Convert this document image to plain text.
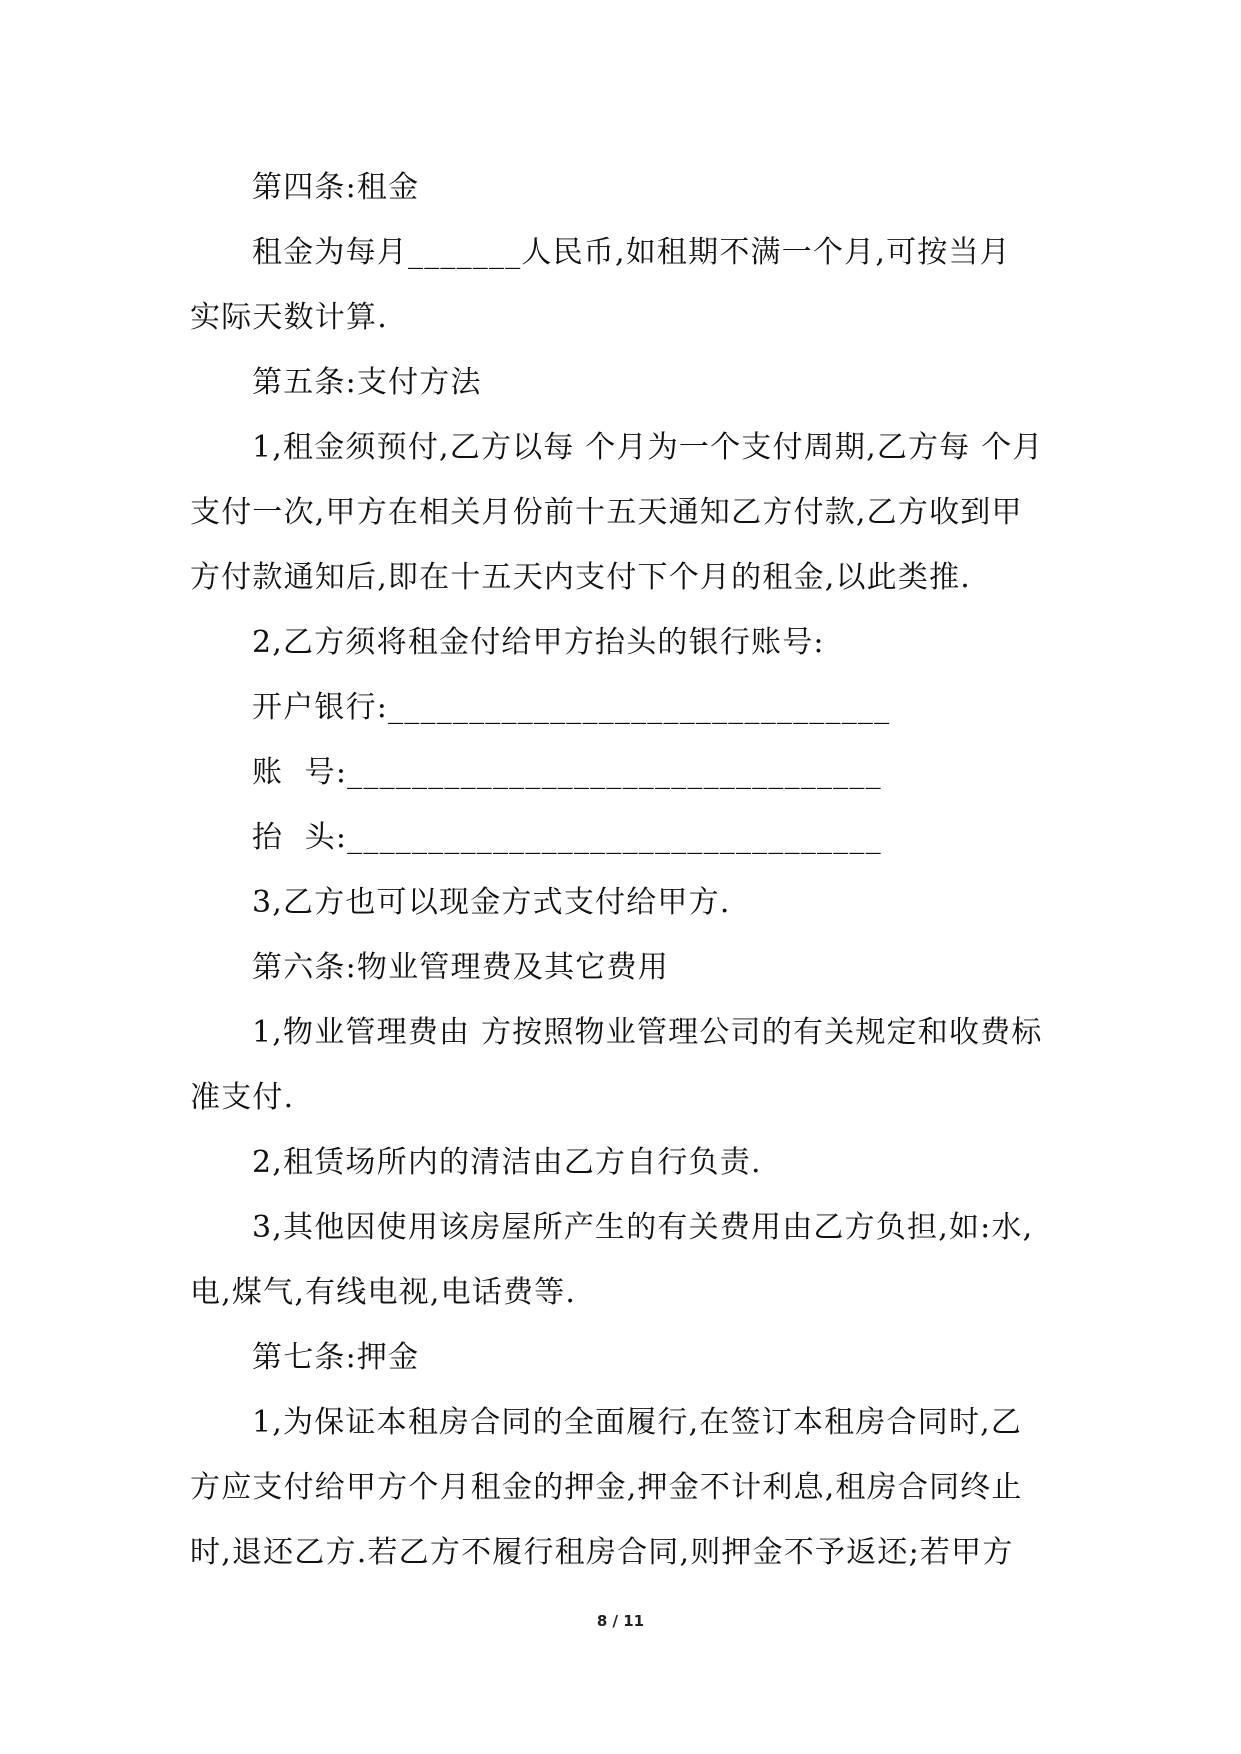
第四条:租金
租金为每月_______人民币,如租期不满一个月,可按当月
实际天数计算.
第五条:支付方法
1,租金须预付,乙方以每 个月为一个支付周期,乙方每 个月
支付一次,甲方在相关月份前十五天通知乙方付款,乙方收到甲
方付款通知后,即在十五天内支付下个月的租金,以此类推.
2,乙方须将租金付给甲方抬头的银行账号:
开户银行:_______________________________
账  号:_________________________________
抬  头:_________________________________
3,乙方也可以现金方式支付给甲方.
第六条:物业管理费及其它费用
1,物业管理费由 方按照物业管理公司的有关规定和收费标
准支付.
2,租赁场所内的清洁由乙方自行负责.
3,其他因使用该房屋所产生的有关费用由乙方负担,如:水,
电,煤气,有线电视,电话费等.
第七条:押金
1,为保证本租房合同的全面履行,在签订本租房合同时,乙
方应支付给甲方个月租金的押金,押金不计利息,租房合同终止
时,退还乙方.若乙方不履行租房合同,则押金不予返还;若甲方
8 / 11
